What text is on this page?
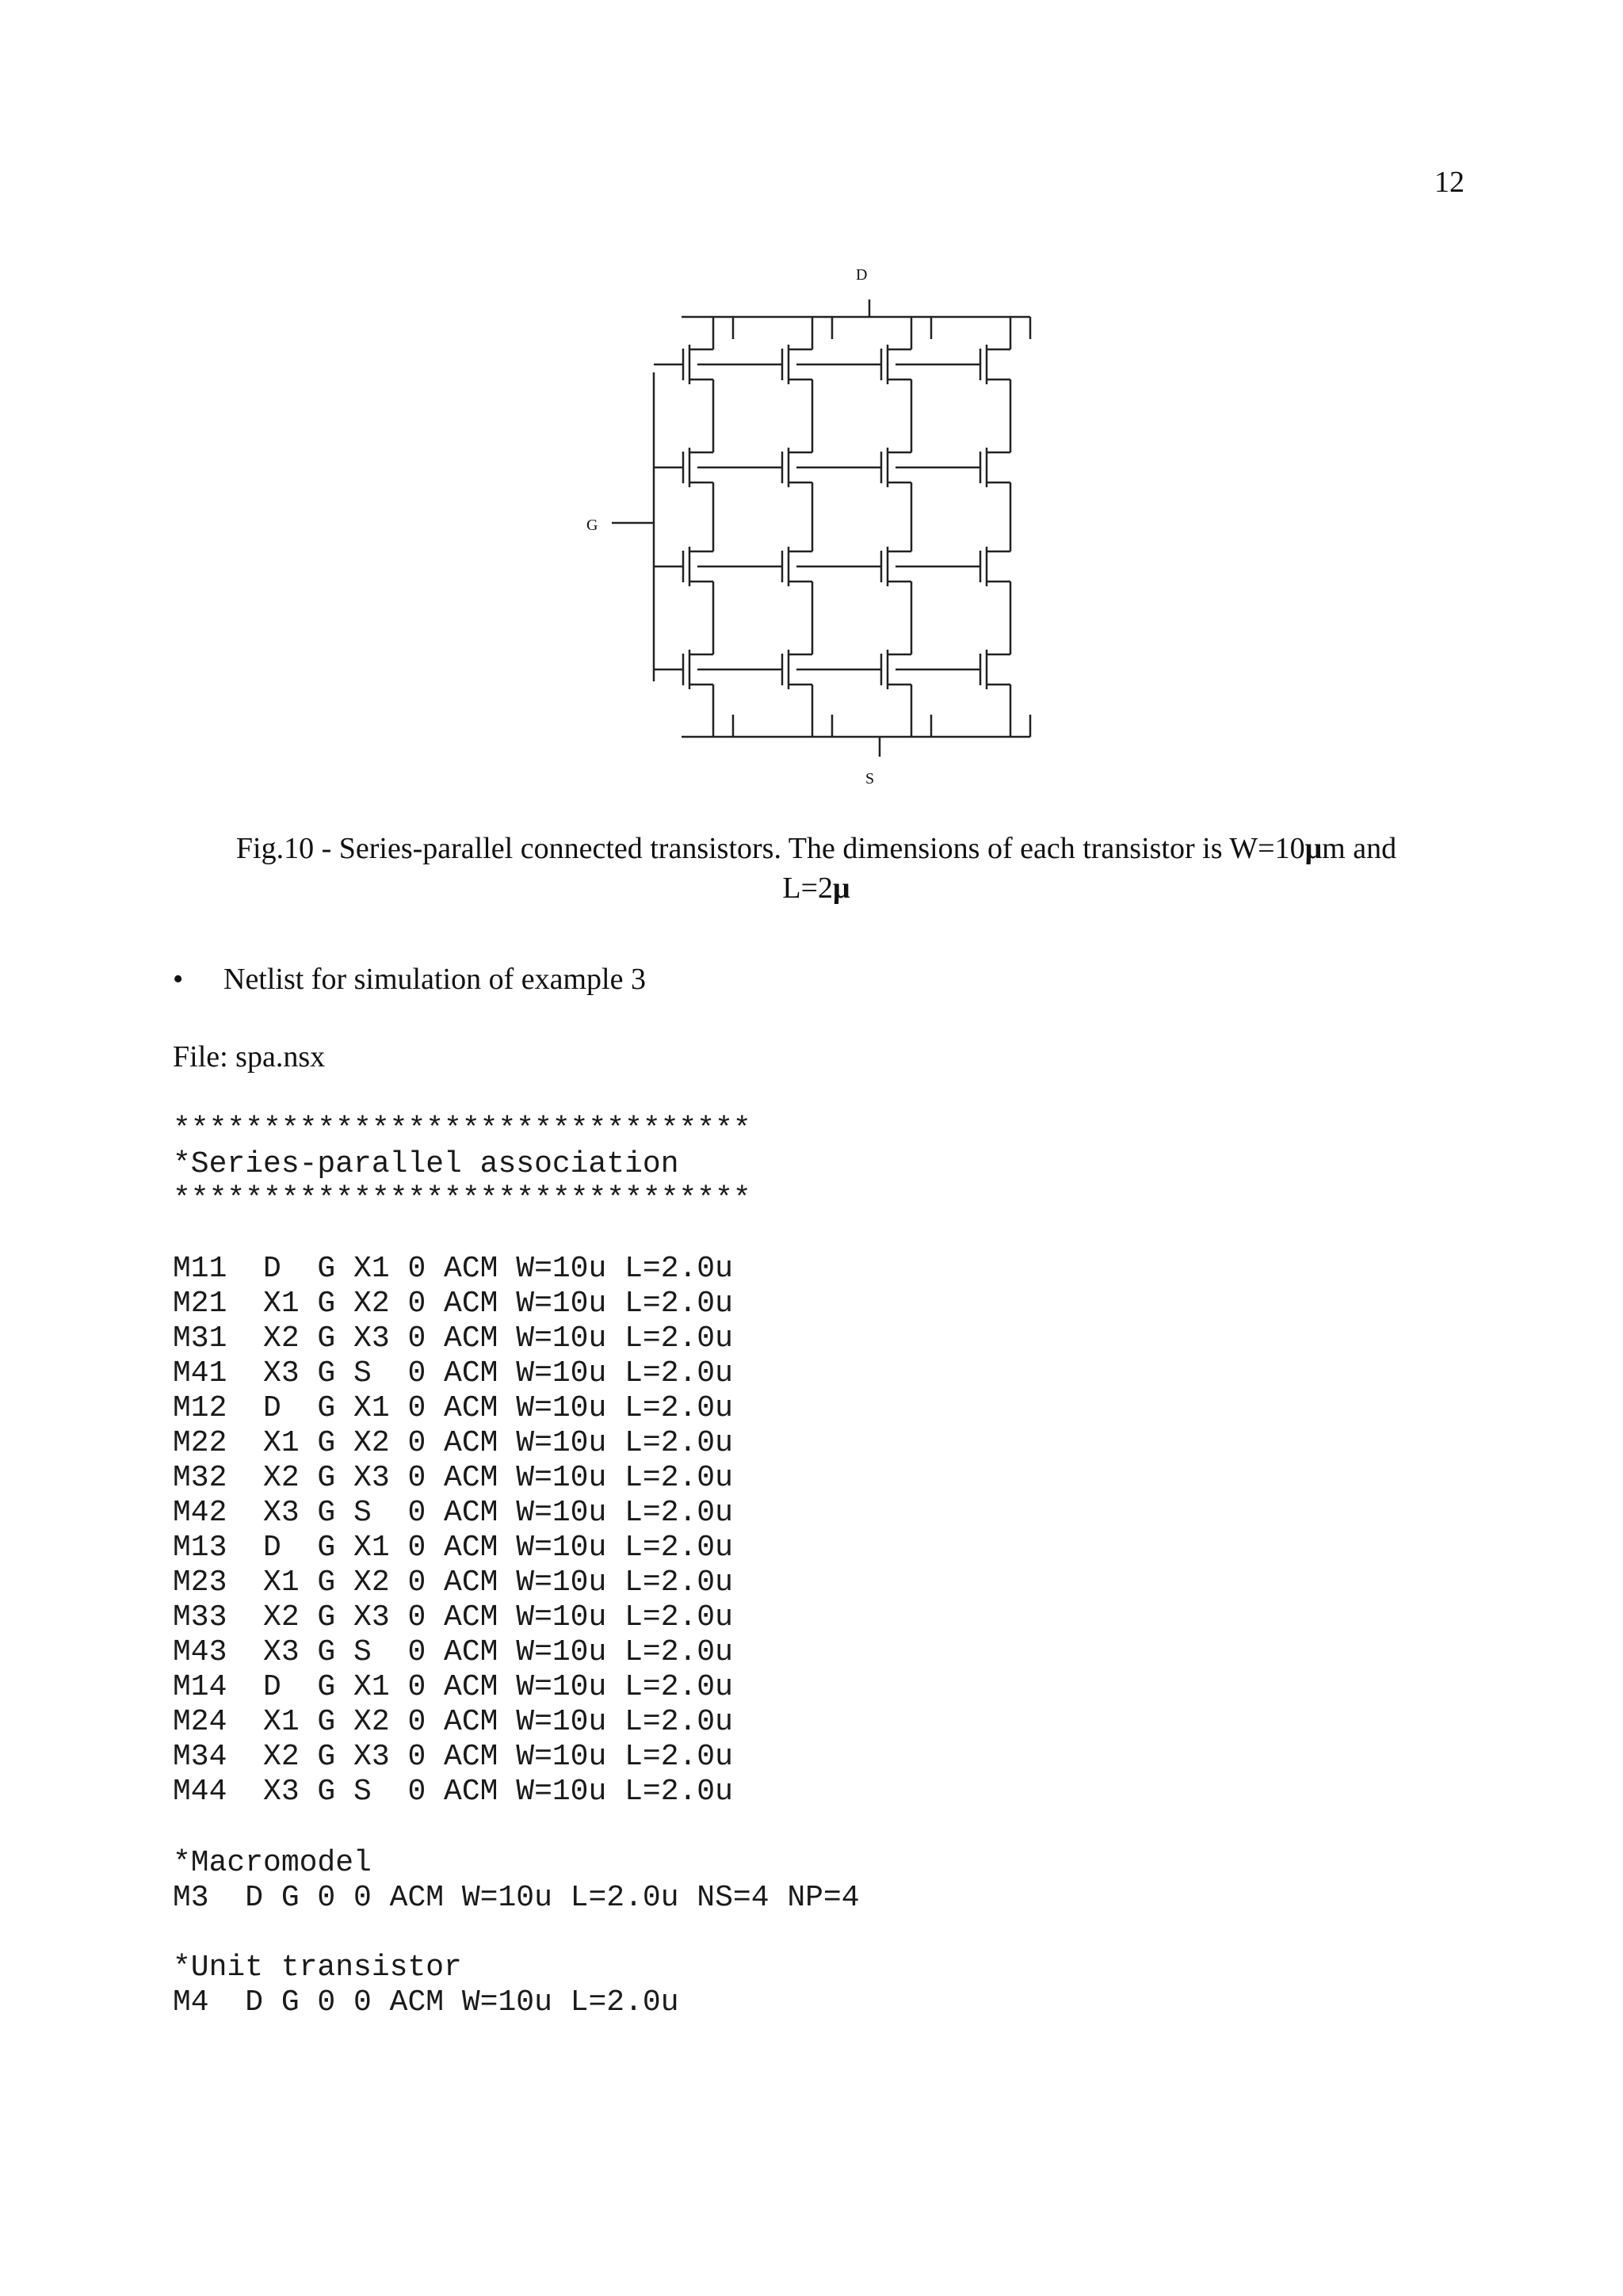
12
D
G
S
Fig.10 - Series-parallel connected transistors. The dimensions of each transistor is W=10μm and
L=2μ
•	Netlist for simulation of example 3
File: spa.nsx
********************************
*Series-parallel association
********************************
M11  D  G X1 0 ACM W=10u L=2.0u
M21  X1 G X2 0 ACM W=10u L=2.0u
M31  X2 G X3 0 ACM W=10u L=2.0u
M41  X3 G S  0 ACM W=10u L=2.0u
M12  D  G X1 0 ACM W=10u L=2.0u
M22  X1 G X2 0 ACM W=10u L=2.0u
M32  X2 G X3 0 ACM W=10u L=2.0u
M42  X3 G S  0 ACM W=10u L=2.0u
M13  D  G X1 0 ACM W=10u L=2.0u
M23  X1 G X2 0 ACM W=10u L=2.0u
M33  X2 G X3 0 ACM W=10u L=2.0u
M43  X3 G S  0 ACM W=10u L=2.0u
M14  D  G X1 0 ACM W=10u L=2.0u
M24  X1 G X2 0 ACM W=10u L=2.0u
M34  X2 G X3 0 ACM W=10u L=2.0u
M44  X3 G S  0 ACM W=10u L=2.0u
*Macromodel
M3  D G 0 0 ACM W=10u L=2.0u NS=4 NP=4
*Unit transistor
M4  D G 0 0 ACM W=10u L=2.0u
